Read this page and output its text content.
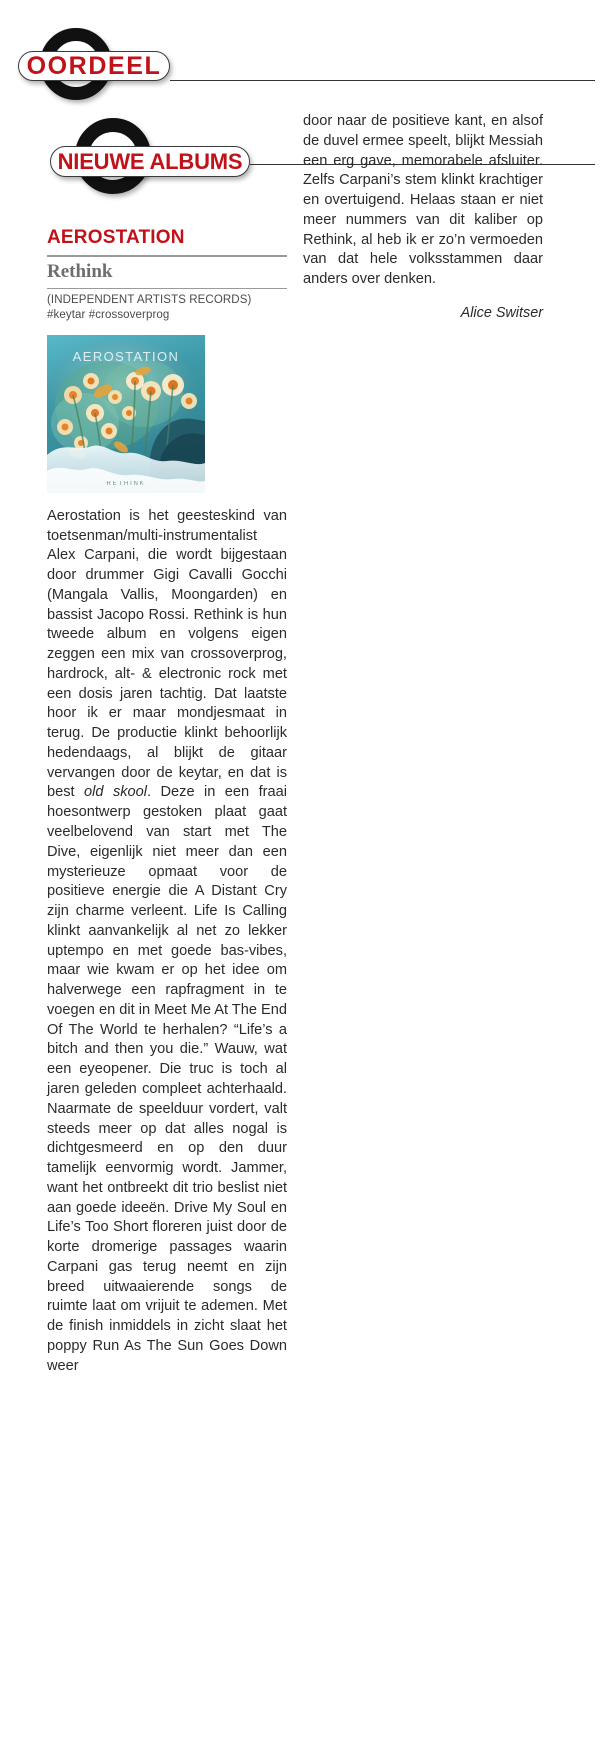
OORDEEL
NIEUWE ALBUMS
AEROSTATION
Rethink
(INDEPENDENT ARTISTS RECORDS)
#keytar #crossoverprog
AEROSTATION
RETHINK
Aerostation is het geesteskind van toetsenman/multi-instrumentalist Alex Carpani, die wordt bijgestaan door drummer Gigi Cavalli Gocchi (Mangala Vallis, Moongarden) en bassist Jacopo Rossi. Rethink is hun tweede album en volgens eigen zeggen een mix van crossoverprog, hardrock, alt- & electronic rock met een dosis jaren tachtig. Dat laatste hoor ik er maar mondjesmaat in terug. De productie klinkt behoorlijk hedendaags, al blijkt de gitaar vervangen door de keytar, en dat is best old skool. Deze in een fraai hoesontwerp gestoken plaat gaat veelbelovend van start met The Dive, eigenlijk niet meer dan een mysterieuze opmaat voor de positieve energie die A Distant Cry zijn charme verleent. Life Is Calling klinkt aanvankelijk al net zo lekker uptempo en met goede bas-vibes, maar wie kwam er op het idee om halverwege een rapfragment in te voegen en dit in Meet Me At The End Of The World te herhalen? “Life’s a bitch and then you die.” Wauw, wat een eyeopener. Die truc is toch al jaren geleden compleet achterhaald. Naarmate de speelduur vordert, valt steeds meer op dat alles nogal is dichtgesmeerd en op den duur tamelijk eenvormig wordt. Jammer, want het ontbreekt dit trio beslist niet aan goede ideeën. Drive My Soul en Life’s Too Short floreren juist door de korte dromerige passages waarin Carpani gas terug neemt en zijn breed uitwaaierende songs de ruimte laat om vrijuit te ademen. Met de finish inmiddels in zicht slaat het poppy Run As The Sun Goes Down weer
door naar de positieve kant, en alsof de duvel ermee speelt, blijkt Messiah een erg gave, memorabele afsluiter. Zelfs Carpani’s stem klinkt krachtiger en overtuigend. Helaas staan er niet meer nummers van dit kaliber op Rethink, al heb ik er zo’n vermoeden van dat hele volksstammen daar anders over denken.
Alice Switser
